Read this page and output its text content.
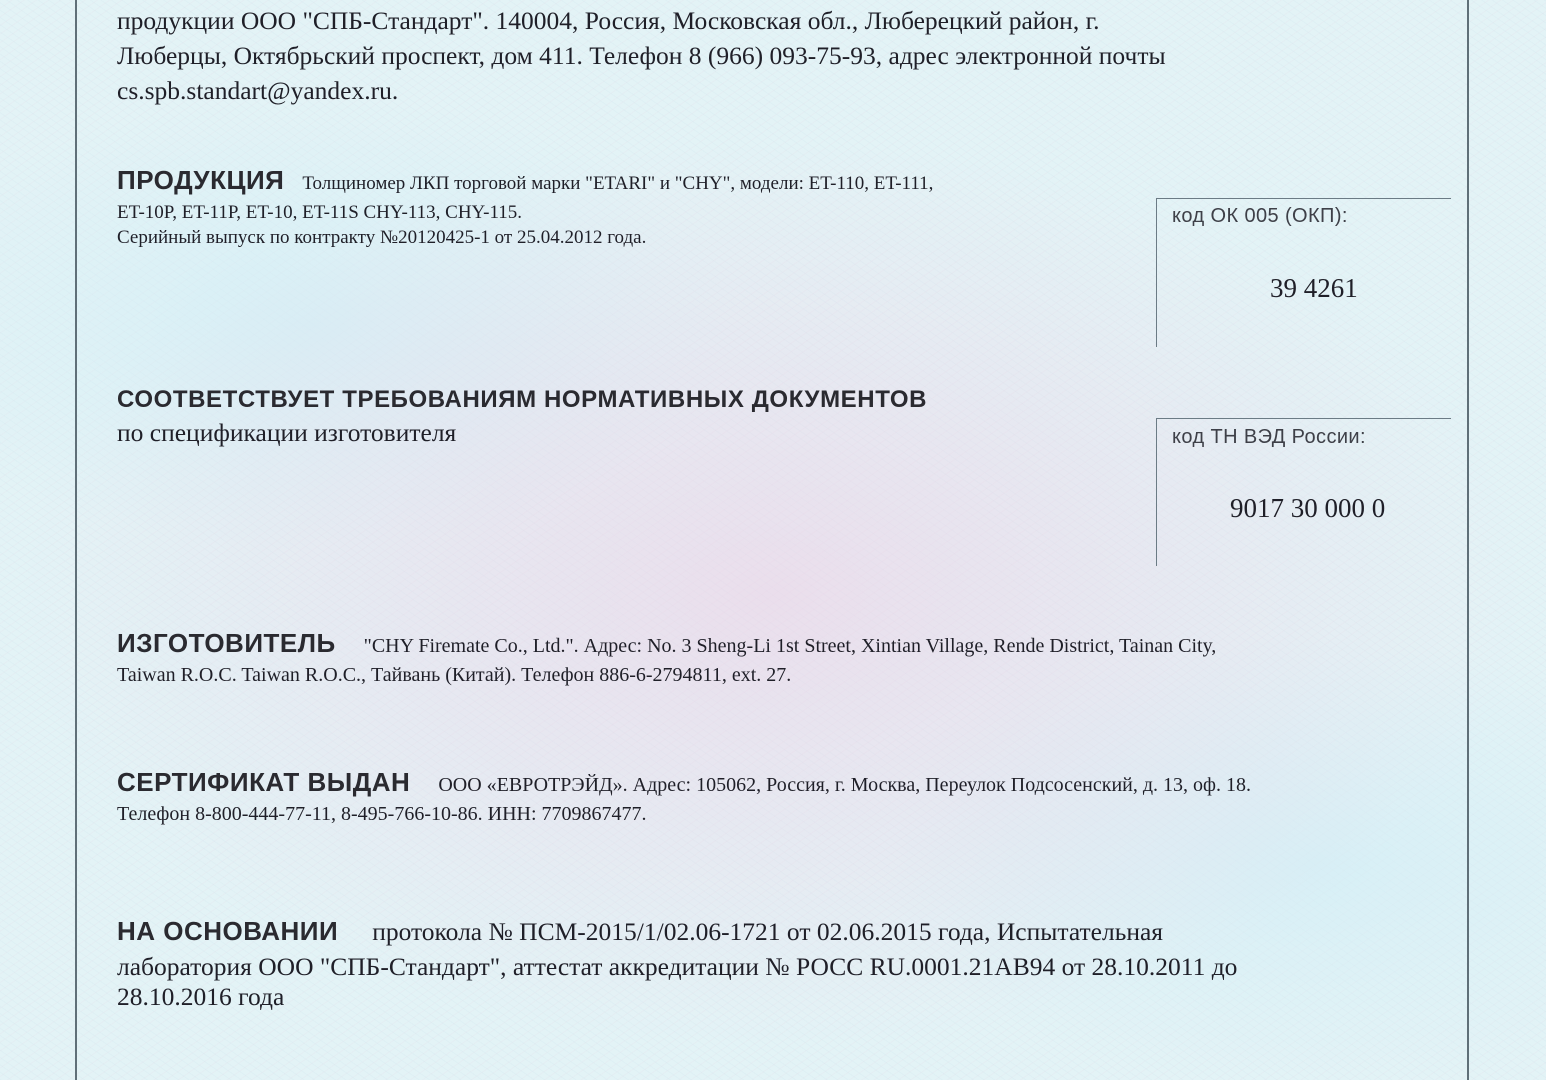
продукции ООО "СПБ-Стандарт". 140004, Россия, Московская обл., Люберецкий район, г.
Люберцы, Октябрьский проспект, дом 411. Телефон 8 (966) 093-75-93, адрес электронной почты
cs.spb.standart@yandex.ru.
ПРОДУКЦИЯ Толщиномер ЛКП торговой марки "ETARI" и "CHY", модели: ET-110, ET-111,
ET-10P, ET-11P, ET-10, ET-11S CHY-113, CHY-115.
Серийный выпуск по контракту №20120425-1 от 25.04.2012 года.
код ОК 005 (ОКП):
39 4261
СООТВЕТСТВУЕТ ТРЕБОВАНИЯМ НОРМАТИВНЫХ ДОКУМЕНТОВ
по спецификации изготовителя	код ТН ВЭД России:
9017 30 000 0
ИЗГОТОВИТЕЛЬ "CHY Firemate Co., Ltd.". Адрес: No. 3 Sheng-Li 1st Street, Xintian Village, Rende District, Tainan City,
Taiwan R.O.C. Taiwan R.O.C., Тайвань (Китай). Телефон 886-6-2794811, ext. 27.
СЕРТИФИКАТ ВЫДАН ООО «ЕВРОТРЭЙД». Адрес: 105062, Россия, г. Москва, Переулок Подсосенский, д. 13, оф. 18.
Телефон 8-800-444-77-11, 8-495-766-10-86. ИНН: 7709867477.
НА ОСНОВАНИИ протокола № ПСМ-2015/1/02.06-1721 от 02.06.2015 года, Испытательная
лаборатория ООО "СПБ-Стандарт", аттестат аккредитации № РОСС RU.0001.21АВ94 от 28.10.2011 до
28.10.2016 года
